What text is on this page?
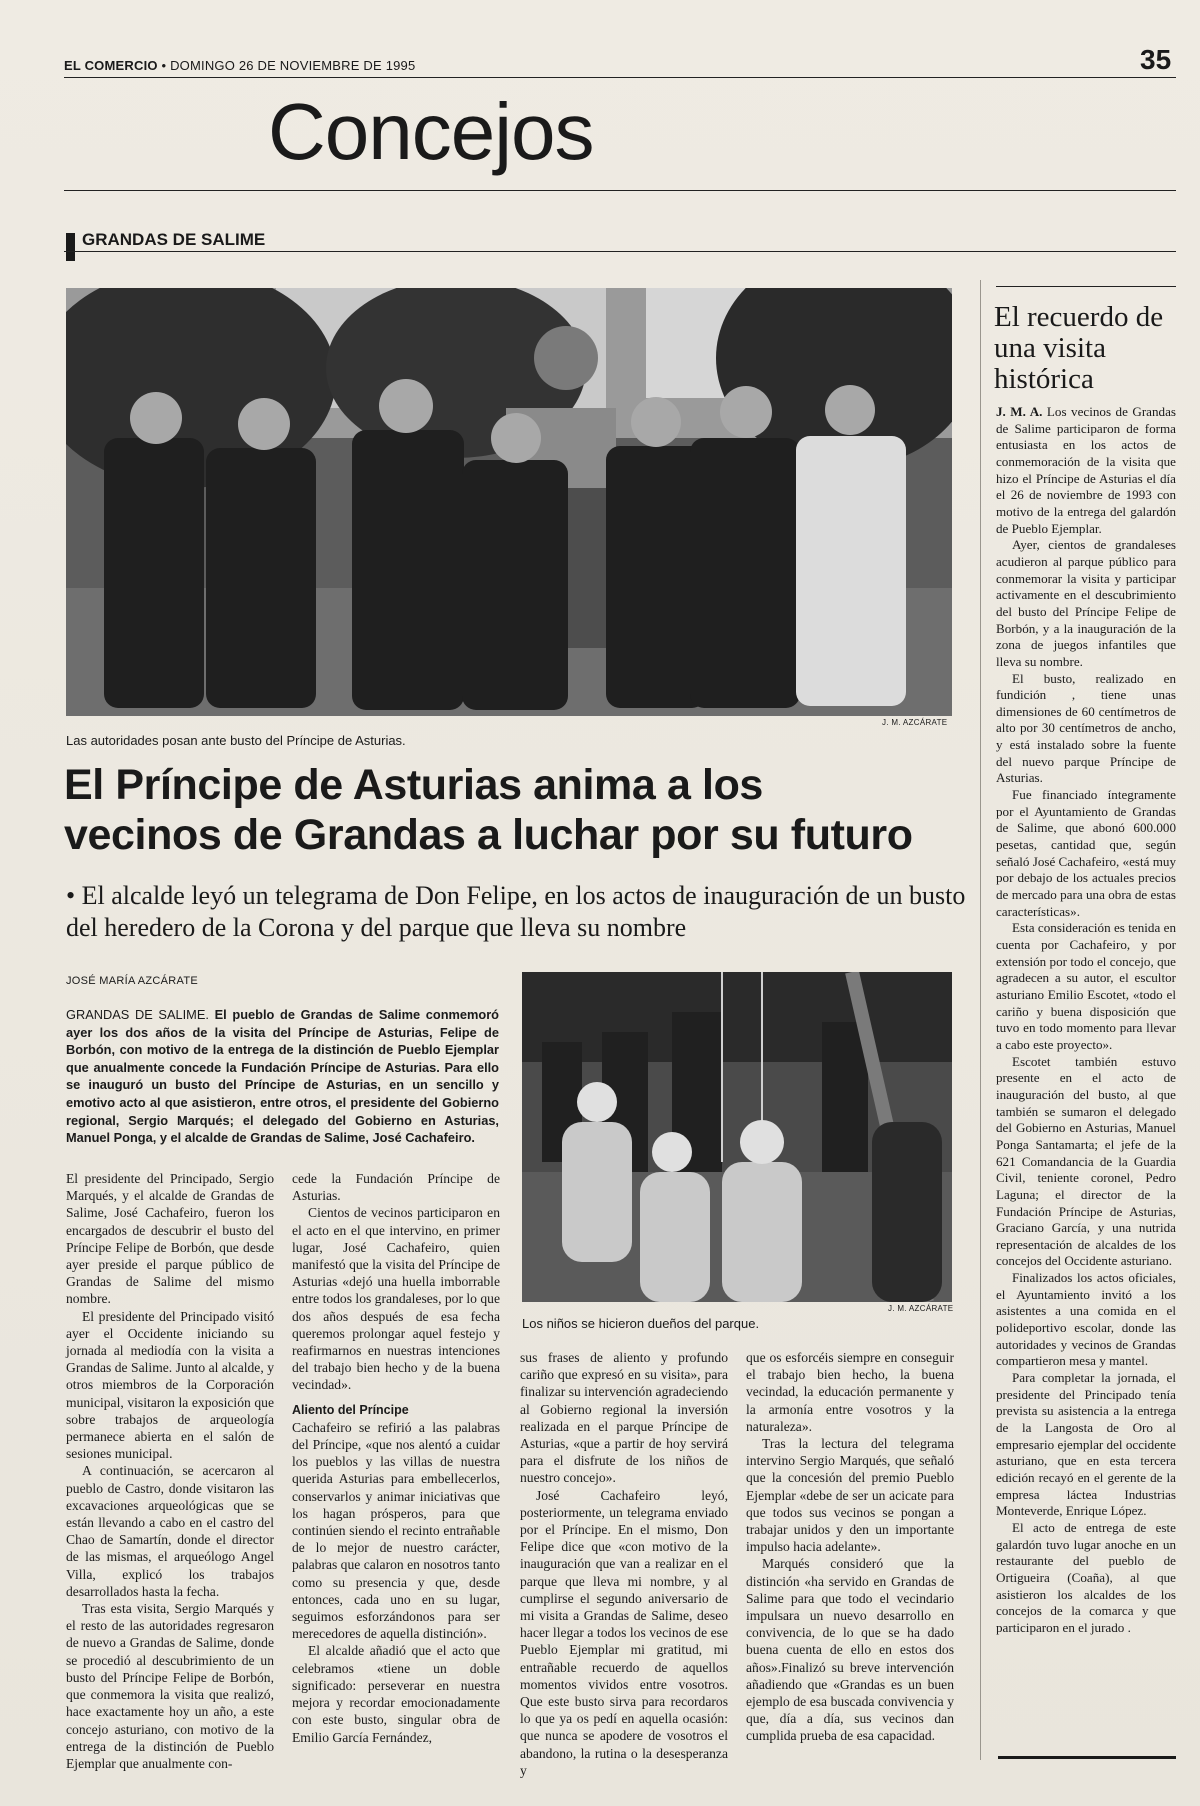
EL COMERCIO • DOMINGO 26 DE NOVIEMBRE DE 1995	35
Concejos
GRANDAS DE SALIME
J. M. AZCÁRATE
Las autoridades posan ante busto del Príncipe de Asturias.
El Príncipe de Asturias anima a los
vecinos de Grandas a luchar por su futuro
• El alcalde leyó un telegrama de Don Felipe, en los actos de inauguración de un busto del heredero de la Corona y del parque que lleva su nombre
JOSÉ MARÍA AZCÁRATE
GRANDAS DE SALIME. El pueblo de Grandas de Salime conmemoró ayer los dos años de la visita del Príncipe de Asturias, Felipe de Borbón, con motivo de la entrega de la distinción de Pueblo Ejemplar que anualmente concede la Fundación Príncipe de Asturias. Para ello se inauguró un busto del Príncipe de Asturias, en un sencillo y emotivo acto al que asistieron, entre otros, el presidente del Gobierno regional, Sergio Marqués; el delegado del Gobierno en Asturias, Manuel Ponga, y el alcalde de Grandas de Salime, José Cachafeiro.
J. M. AZCÁRATE
Los niños se hicieron dueños del parque.

El presidente del Principado, Sergio Marqués, y el alcalde de Grandas de Salime, José Cachafeiro, fueron los encargados de descubrir el busto del Príncipe Felipe de Borbón, que desde ayer preside el parque público de Grandas de Salime del mismo nombre.

El presidente del Principado visitó ayer el Occidente iniciando su jornada al mediodía con la visita a Grandas de Salime. Junto al alcalde, y otros miembros de la Corporación municipal, visitaron la exposición que sobre trabajos de arqueología permanece abierta en el salón de sesiones municipal.

A continuación, se acercaron al pueblo de Castro, donde visitaron las excavaciones arqueológicas que se están llevando a cabo en el castro del Chao de Samartín, donde el director de las mismas, el arqueólogo Angel Villa, explicó los trabajos desarrollados hasta la fecha.

Tras esta visita, Sergio Marqués y el resto de las autoridades regresaron de nuevo a Grandas de Salime, donde se procedió al descubrimiento de un busto del Príncipe Felipe de Borbón, que conmemora la visita que realizó, hace exactamente hoy un año, a este concejo asturiano, con motivo de la entrega de la distinción de Pueblo Ejemplar que anualmente con-

cede la Fundación Príncipe de Asturias.

Cientos de vecinos participaron en el acto en el que intervino, en primer lugar, José Cachafeiro, quien manifestó que la visita del Príncipe de Asturias «dejó una huella imborrable entre todos los grandaleses, por lo que dos años después de esa fecha queremos prolongar aquel festejo y reafirmarnos en nuestras intenciones del trabajo bien hecho y de la buena vecindad».

Aliento del Príncipe

Cachafeiro se refirió a las palabras del Príncipe, «que nos alentó a cuidar los pueblos y las villas de nuestra querida Asturias para embellecerlos, conservarlos y animar iniciativas que los hagan prósperos, para que continúen siendo el recinto entrañable de lo mejor de nuestro carácter, palabras que calaron en nosotros tanto como su presencia y que, desde entonces, cada uno en su lugar, seguimos esforzándonos para ser merecedores de aquella distinción».

El alcalde añadió que el acto que celebramos «tiene un doble significado: perseverar en nuestra mejora y recordar emocionadamente con este busto, singular obra de Emilio García Fernández,

sus frases de aliento y profundo cariño que expresó en su visita», para finalizar su intervención agradeciendo al Gobierno regional la inversión realizada en el parque Príncipe de Asturias, «que a partir de hoy servirá para el disfrute de los niños de nuestro concejo».

José Cachafeiro leyó, posteriormente, un telegrama enviado por el Príncipe. En el mismo, Don Felipe dice que «con motivo de la inauguración que van a realizar en el parque que lleva mi nombre, y al cumplirse el segundo aniversario de mi visita a Grandas de Salime, deseo hacer llegar a todos los vecinos de ese Pueblo Ejemplar mi gratitud, mi entrañable recuerdo de aquellos momentos vividos entre vosotros. Que este busto sirva para recordaros lo que ya os pedí en aquella ocasión: que nunca se apodere de vosotros el abandono, la rutina o la desesperanza y

que os esforcéis siempre en conseguir el trabajo bien hecho, la buena vecindad, la educación permanente y la armonía entre vosotros y la naturaleza».

Tras la lectura del telegrama intervino Sergio Marqués, que señaló que la concesión del premio Pueblo Ejemplar «debe de ser un acicate para que todos sus vecinos se pongan a trabajar unidos y den un importante impulso hacia adelante».

Marqués consideró que la distinción «ha servido en Grandas de Salime para que todo el vecindario impulsara un nuevo desarrollo en convivencia, de lo que se ha dado buena cuenta de ello en estos dos años».Finalizó su breve intervención añadiendo que «Grandas es un buen ejemplo de esa buscada convivencia y que, día a día, sus vecinos dan cumplida prueba de esa capacidad.

El recuerdo de una visita histórica

J. M. A. Los vecinos de Grandas de Salime participaron de forma entusiasta en los actos de conmemoración de la visita que hizo el Príncipe de Asturias el día el 26 de noviembre de 1993 con motivo de la entrega del galardón de Pueblo Ejemplar.

Ayer, cientos de grandaleses acudieron al parque público para conmemorar la visita y participar activamente en el descubrimiento del busto del Príncipe Felipe de Borbón, y a la inauguración de la zona de juegos infantiles que lleva su nombre.

El busto, realizado en fundición , tiene unas dimensiones de 60 centímetros de alto por 30 centímetros de ancho, y está instalado sobre la fuente del nuevo parque Príncipe de Asturias.

Fue financiado íntegramente por el Ayuntamiento de Grandas de Salime, que abonó 600.000 pesetas, cantidad que, según señaló José Cachafeiro, «está muy por debajo de los actuales precios de mercado para una obra de estas características».

Esta consideración es tenida en cuenta por Cachafeiro, y por extensión por todo el concejo, que agradecen a su autor, el escultor asturiano Emilio Escotet, «todo el cariño y buena disposición que tuvo en todo momento para llevar a cabo este proyecto».

Escotet también estuvo presente en el acto de inauguración del busto, al que también se sumaron el delegado del Gobierno en Asturias, Manuel Ponga Santamarta; el jefe de la 621 Comandancia de la Guardia Civil, teniente coronel, Pedro Laguna; el director de la Fundación Príncipe de Asturias, Graciano García, y una nutrida representación de alcaldes de los concejos del Occidente asturiano.

Finalizados los actos oficiales, el Ayuntamiento invitó a los asistentes a una comida en el polideportivo escolar, donde las autoridades y vecinos de Grandas compartieron mesa y mantel.

Para completar la jornada, el presidente del Principado tenía prevista su asistencia a la entrega de la Langosta de Oro al empresario ejemplar del occidente asturiano, que en esta tercera edición recayó en el gerente de la empresa láctea Industrias Monteverde, Enrique López.

El acto de entrega de este galardón tuvo lugar anoche en un restaurante del pueblo de Ortigueira (Coaña), al que asistieron los alcaldes de los concejos de la comarca y que participaron en el jurado .
